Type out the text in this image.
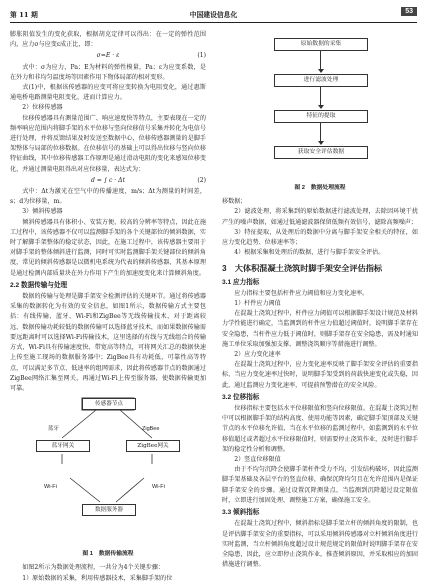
第 11 期	中国建设信息化	53

膨胀阻值发生的变化获取，根据胡克定律可以得出：在一定的弹性范围内，应力σ与应变ε成正比，即：

σ=E · ε	(1)

式中：σ为应力，Pa；E为材料的弹性模量，Pa；ε为应变系数，是在外力和非均匀温度场等因素作用下物体局部的相对变形。

式(1)中，根据该传感器的应变可将应变转换为电阻变化，通过惠斯通电桥电路测量电阻变化，进而计算应力。

2）位移传感器

位移传感器具有测量范围广、响应速度快等特点，主要表现在一定的频率响应范围内将脚手架的水平位移与竖向位移信号采集并转化为电信号进行处理，并将反馈结果及时发送至数据中心，位移传感器测量的是脚手架整体与局部的位移数据。在位移信号的基础上可以得出位移与竖向位移特征曲线，其中位移传感器工作原理是通过滑动电阻的变化来感知位移变化，并通过测量电阻得出对应位移量，表达式为：

d = ∫ c · Δt	(2)

式中：Δt为激光在空气中的传播速度，m/s；Δt为测量的时间差，s；d为位移量，m。

3）倾斜传感器

倾斜传感器具有体积小、安装方便、较高的分辨率等特点，因此在施工过程中，该传感器不仅可以监测脚手架的各个关键部位的倾斜数据，实时了解脚手架整体的稳定状态，因此，在施工过程中，该传感器主要用于对脚手架的整体倾斜进行监测，同时可实时监测脚手架关键部位的倾斜角度，常见的倾斜传感器是以微机电系统为代表的倾斜传感器，其基本原理是通过检测内部质量块在外力作用下产生的加速度变化来计算倾斜角度。

2.2 数据传输与处理

数据的传输与处理是脚手架安全检测评估的关键环节。通过将传感器采集的数据转化为有效的安全信息，如图1所示，数据传输方式主要包括：有线传输、蓝牙、Wi-Fi和ZigBee等无线传输技术，对于距离较远、数据传输功耗较低的数据传输可以选择蓝牙技术，而如果数据传输需要远距离时可以选择Wi-Fi传输技术，这里选择的有线与无线组合的传输方式，Wi-Fi具有传输速度快、带宽高等特点，可将网关汇总的数据快速上传至施工现场的数据服务器中；ZigBee具有功耗低、可靠性高等特点，可以满足多节点、低速率的组网需求，因此将传感器节点的数据通过ZigBee网络汇集至网关，再通过Wi-Fi上传至服务器，使数据传输更加可靠。

传感器节点
蓝牙	ZigBee
蓝牙网关	ZigBee网关
Wi-Fi	Wi-Fi
数据服务器
图 1　数据传输流程

如图2所示为数据处理流程，一共分为4个关键步骤：

1）原始数据的采集，利用传感器技术，采集脚手架的位

原始数据的采集
进行滤波处理
特征的提取
获取安全评估数据
图 2　数据处理流程

移数据；

2）滤波处理，将采集到的原始数据进行滤波处理，去除因环境干扰产生的噪声数据，如通过低通滤波器保留低频有效信号，滤除高频噪声；

3）特征提取，从处理后的数据中分离与脚手架安全相关的特征，如应力变化趋势、位移速率等；

4）根据采集和处理后的数据，进行与脚手架安全评估。

3　大体积混凝土浇筑时脚手架安全评估指标
3.1 应力指标

应力指标主要包括杆件应力阈值和应力变化速率。

1）杆件应力阈值

在混凝土浇筑过程中，杆件应力阈值可以根据脚手架设计规范及材料力学性能进行确定，当监测到的杆件应力值超过阈值时，说明脚手架存在安全隐患，当杆件应力低于阈值时，则脚手架存在安全隐患，需及时通知施工单位采取加强加支撑、调整浇筑顺序等措施进行调整。

2）应力变化速率

在混凝土浇筑过程中，应力变化速率反映了脚手架安全评估的重要指标，当应力变化速率过快时，说明脚手架受到的荷载快速变化或失稳，因此，通过监测应力变化速率，可提前预警潜在的安全风险。

3.2 位移指标

位移指标主要包括水平位移限值和竖向位移限值。在混凝土浇筑过程中可以根据脚手架的结构高度、使用功能等因素，确定脚手架顶部及关键节点的水平位移允许值，当在水平位移的监测过程中，如监测到的水平位移值超过或者超过水平位移限值时，则需要停止浇筑作业，及时进行脚手架的稳定性分析和调整。

2）竖直位移限值

由于不均匀沉降会使脚手架杆件受力不均，引发结构破坏，因此监测脚手架基础及各层平台的竖直位移，确保沉降均匀且在允许范围内是保证脚手架安全的步骤。通过设置沉降测量点，当监测到沉降超过设定限值时，立即进行加固处理、调整施工方案，确保施工安全。

3.3 倾斜指标

在混凝土浇筑过程中，倾斜指标是脚手架立杆的倾斜角度的限制，也是评估脚手架安全的重要指标，可以采用倾斜传感器对立杆倾斜角度进行实时监测，当立杆倾斜角度超过设计规范规定的限值时说明脚手架存在安全隐患，因此，应立即停止浇筑作业，推查倾斜原因，并采取相应的加固措施进行调整。
